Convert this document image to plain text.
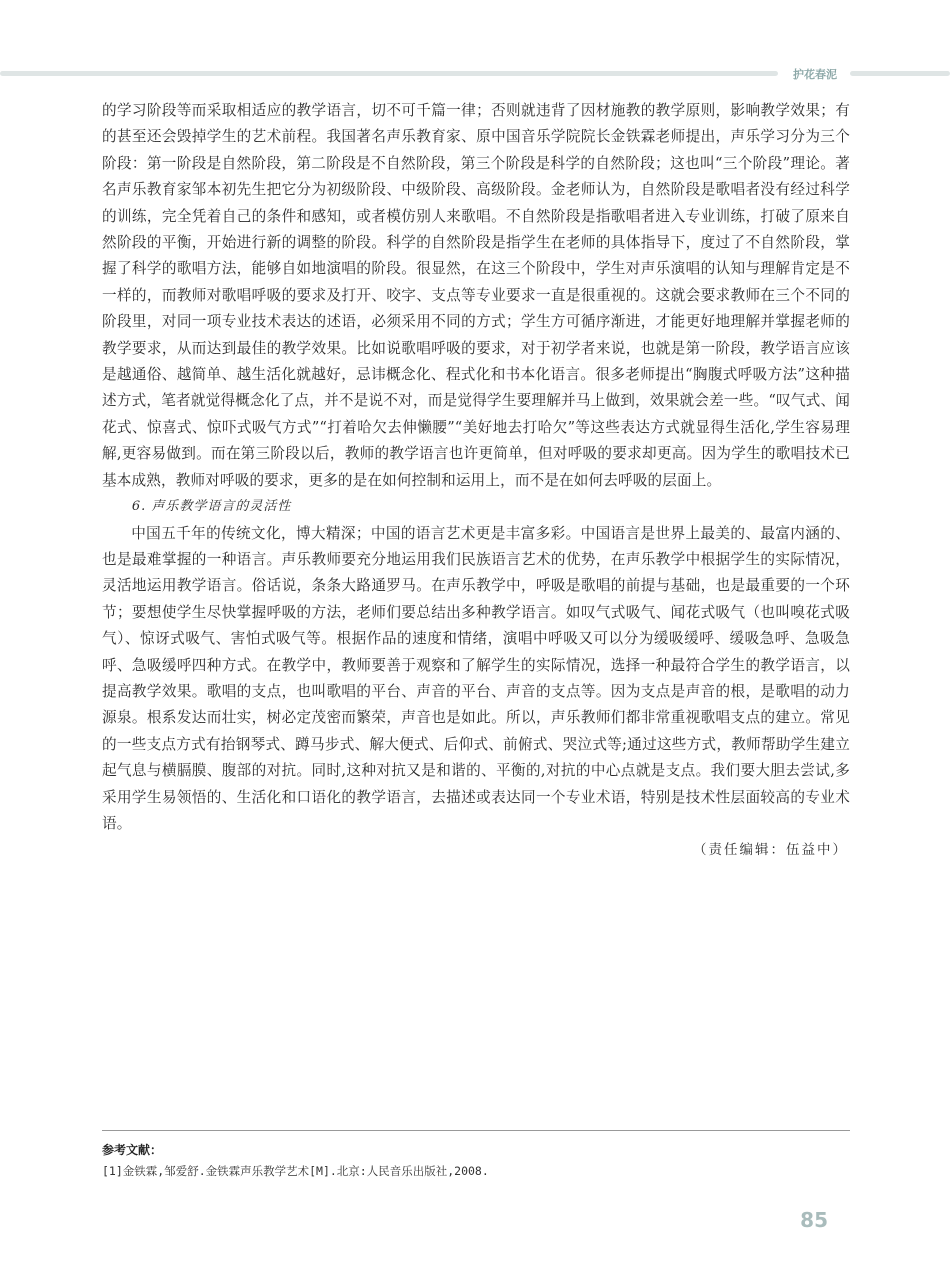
护花春泥

的学习阶段等而采取相适应的教学语言，切不可千篇一律；否则就违背了因材施教的教学原则，影响教学效果；有的甚至还会毁掉学生的艺术前程。我国著名声乐教育家、原中国音乐学院院长金铁霖老师提出，声乐学习分为三个阶段：第一阶段是自然阶段，第二阶段是不自然阶段，第三个阶段是科学的自然阶段；这也叫“三个阶段”理论。著名声乐教育家邹本初先生把它分为初级阶段、中级阶段、高级阶段。金老师认为，自然阶段是歌唱者没有经过科学的训练，完全凭着自己的条件和感知，或者模仿别人来歌唱。不自然阶段是指歌唱者进入专业训练，打破了原来自然阶段的平衡，开始进行新的调整的阶段。科学的自然阶段是指学生在老师的具体指导下，度过了不自然阶段，掌握了科学的歌唱方法，能够自如地演唱的阶段。很显然，在这三个阶段中，学生对声乐演唱的认知与理解肯定是不一样的，而教师对歌唱呼吸的要求及打开、咬字、支点等专业要求一直是很重视的。这就会要求教师在三个不同的阶段里，对同一项专业技术表达的述语，必须采用不同的方式；学生方可循序渐进，才能更好地理解并掌握老师的教学要求，从而达到最佳的教学效果。比如说歌唱呼吸的要求，对于初学者来说，也就是第一阶段，教学语言应该是越通俗、越简单、越生活化就越好，忌讳概念化、程式化和书本化语言。很多老师提出“胸腹式呼吸方法”这种描述方式，笔者就觉得概念化了点，并不是说不对，而是觉得学生要理解并马上做到，效果就会差一些。“叹气式、闻花式、惊喜式、惊吓式吸气方式”“打着哈欠去伸懒腰”“美好地去打哈欠”等这些表达方式就显得生活化,学生容易理解,更容易做到。而在第三阶段以后，教师的教学语言也许更简单，但对呼吸的要求却更高。因为学生的歌唱技术已基本成熟，教师对呼吸的要求，更多的是在如何控制和运用上，而不是在如何去呼吸的层面上。

6. 声乐教学语言的灵活性

中国五千年的传统文化，博大精深；中国的语言艺术更是丰富多彩。中国语言是世界上最美的、最富内涵的、也是最难掌握的一种语言。声乐教师要充分地运用我们民族语言艺术的优势，在声乐教学中根据学生的实际情况，灵活地运用教学语言。俗话说，条条大路通罗马。在声乐教学中，呼吸是歌唱的前提与基础，也是最重要的一个环节；要想使学生尽快掌握呼吸的方法，老师们要总结出多种教学语言。如叹气式吸气、闻花式吸气（也叫嗅花式吸气）、惊讶式吸气、害怕式吸气等。根据作品的速度和情绪，演唱中呼吸又可以分为缓吸缓呼、缓吸急呼、急吸急呼、急吸缓呼四种方式。在教学中，教师要善于观察和了解学生的实际情况，选择一种最符合学生的教学语言，以提高教学效果。歌唱的支点，也叫歌唱的平台、声音的平台、声音的支点等。因为支点是声音的根，是歌唱的动力源泉。根系发达而壮实，树必定茂密而繁荣，声音也是如此。所以，声乐教师们都非常重视歌唱支点的建立。常见的一些支点方式有抬钢琴式、蹲马步式、解大便式、后仰式、前俯式、哭泣式等;通过这些方式，教师帮助学生建立起气息与横膈膜、腹部的对抗。同时,这种对抗又是和谐的、平衡的,对抗的中心点就是支点。我们要大胆去尝试,多采用学生易领悟的、生活化和口语化的教学语言，去描述或表达同一个专业术语，特别是技术性层面较高的专业术语。

（责任编辑：伍益中）

参考文献：
[1]金铁霖,邹爱舒.金铁霖声乐教学艺术[M].北京:人民音乐出版社,2008.
85
